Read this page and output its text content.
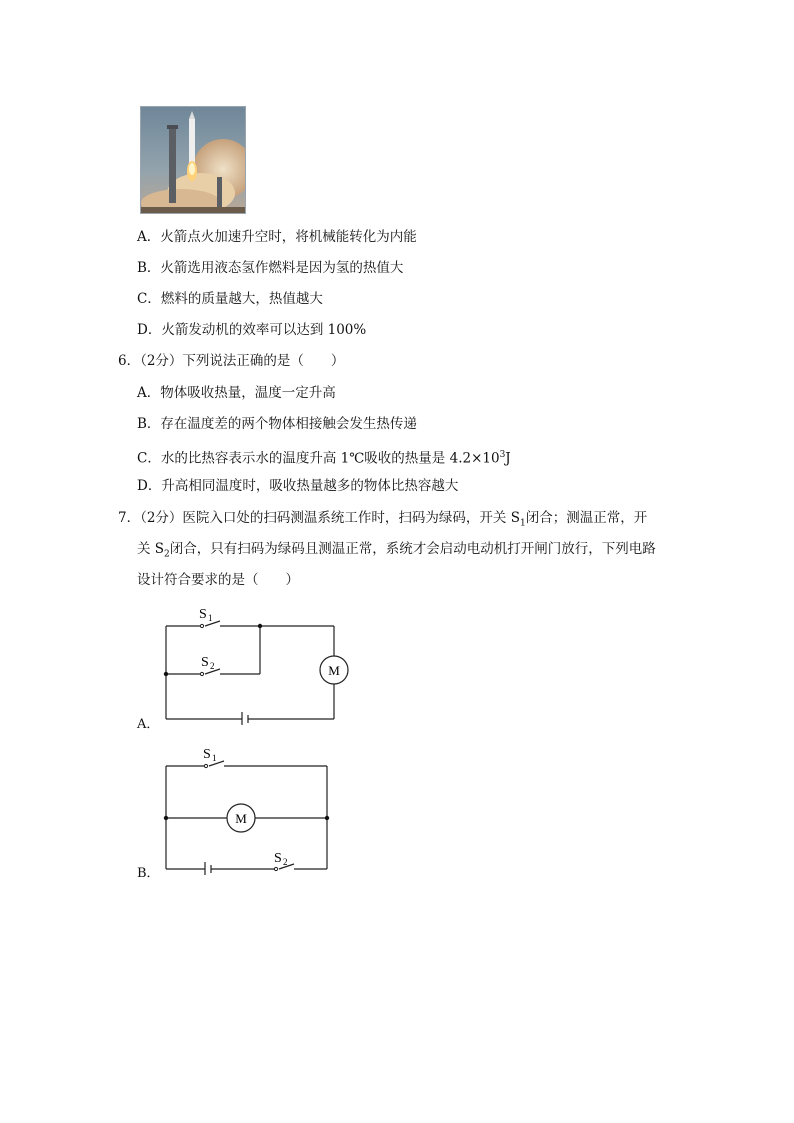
A．火箭点火加速升空时，将机械能转化为内能
B．火箭选用液态氢作燃料是因为氢的热值大
C．燃料的质量越大，热值越大
D．火箭发动机的效率可以达到 100%
6．（2分）下列说法正确的是（　　）
A．物体吸收热量，温度一定升高
B．存在温度差的两个物体相接触会发生热传递
C．水的比热容表示水的温度升高 1℃吸收的热量是 $4.2\times 10^3J$
D．升高相同温度时，吸收热量越多的物体比热容越大
7．（2分）医院入口处的扫码测温系统工作时，扫码为绿码，开关 $S_1$闭合；测温正常，开
关 $S_2$闭合，只有扫码为绿码且测温正常，系统才会启动电动机打开闸门放行，下列电路
设计符合要求的是（　　）
M
S 1
S 2
A．
M
S 1
S 2
B．
